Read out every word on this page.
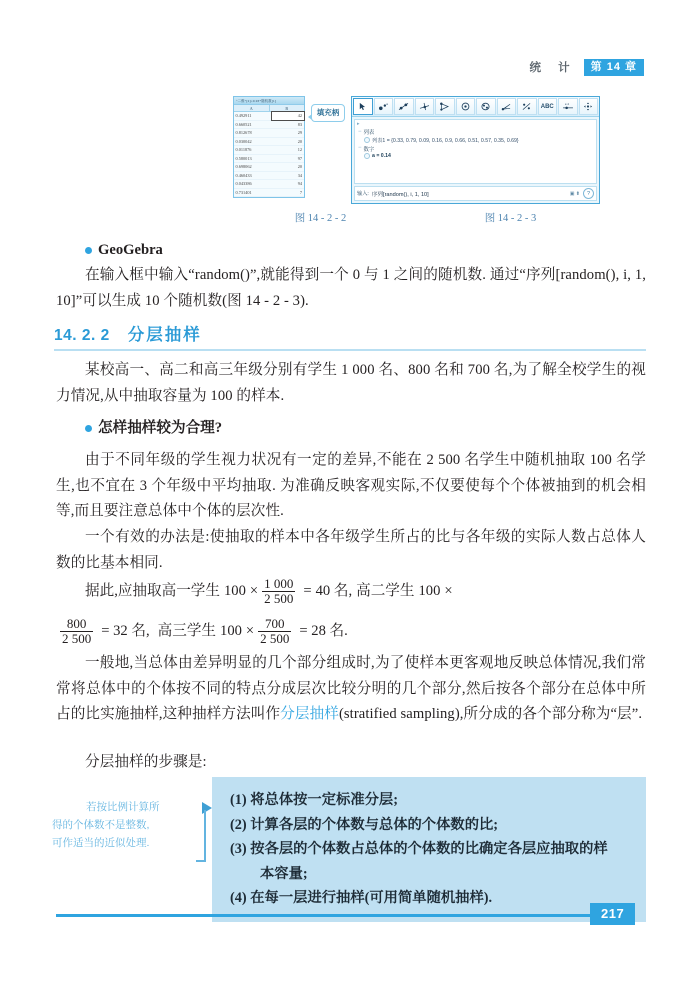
统 计	第 14 章
“二维”[2]=0.93*随机数[1]
A	B
0.492911	42
0.660521	83
0.812678	29
0.030042	20
0.011876	12
0.580013	97
0.698062	20
0.460433	34
0.043386	94
0.731401	7
填充柄
A	ABC	a=2
▸
− 列表
列表1 = {0.33, 0.79, 0.09, 0.16, 0.9, 0.66, 0.51, 0.57, 0.35, 0.69}
− 数字
a = 0.14
输入: 序列[random(), i, 1, 10]	▣ ⬍	?
图 14 - 2 - 2	图 14 - 2 - 3
GeoGebra

在输入框中输入“random()”,就能得到一个 0 与 1 之间的随机数. 通过“序列[random(), i, 1, 10]”可以生成 10 个随机数(图 14 - 2 - 3).

14. 2. 2 分层抽样

某校高一、高二和高三年级分别有学生 1 000 名、800 名和 700 名,为了解全校学生的视力情况,从中抽取容量为 100 的样本.

怎样抽样较为合理?

由于不同年级的学生视力状况有一定的差异,不能在 2 500 名学生中随机抽取 100 名学生,也不宜在 3 个年级中平均抽取. 为准确反映客观实际,不仅要使每个个体被抽到的机会相等,而且要注意总体中个体的层次性.

一个有效的办法是:使抽取的样本中各年级学生所占的比与各年级的实际人数占总体人数的比基本相同.

据此,应抽取高一学生 $100 \times \frac{1 000}{2 500} = 40$ 名, 高二学生 100 ×
$\frac{800}{2 500} = 32$ 名, 高三学生 $100 \times \frac{700}{2 500} = 28$ 名.

一般地,当总体由差异明显的几个部分组成时,为了使样本更客观地反映总体情况,我们常常将总体中的个体按不同的特点分成层次比较分明的几个部分,然后按各个部分在总体中所占的比实施抽样,这种抽样方法叫作分层抽样(stratified sampling),所分成的各个部分称为“层”.

分层抽样的步骤是:

若按比例计算所
得的个体数不是整数,
可作适当的近似处理.

(1) 将总体按一定标准分层;

(2) 计算各层的个体数与总体的个体数的比;

(3) 按各层的个体数占总体的个体数的比确定各层应抽取的样

本容量;

(4) 在每一层进行抽样(可用简单随机抽样).

217
